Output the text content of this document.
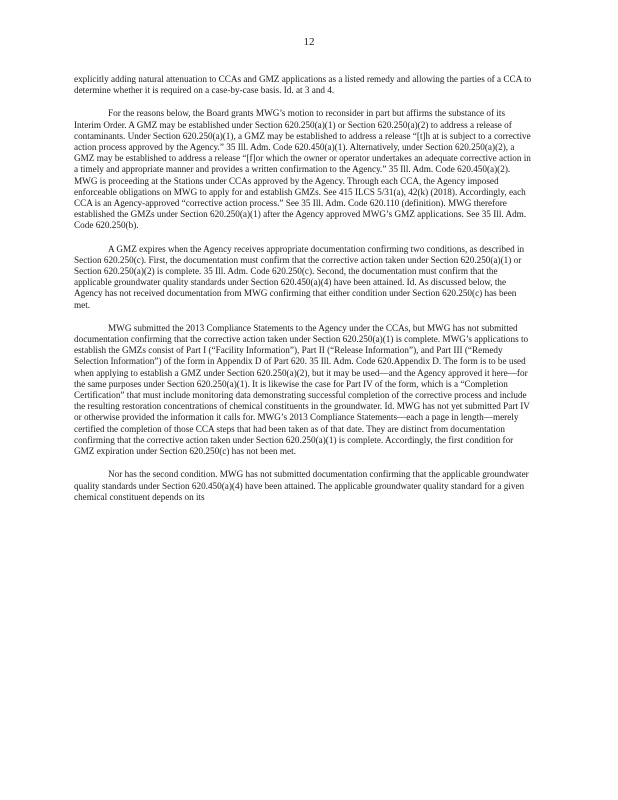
12

explicitly adding natural attenuation to CCAs and GMZ applications as a listed remedy and allowing the parties of a CCA to determine whether it is required on a case-by-case basis. Id. at 3 and 4.

For the reasons below, the Board grants MWG’s motion to reconsider in part but affirms the substance of its Interim Order. A GMZ may be established under Section 620.250(a)(1) or Section 620.250(a)(2) to address a release of contaminants. Under Section 620.250(a)(1), a GMZ may be established to address a release “[t]h at is subject to a corrective action process approved by the Agency.” 35 Ill. Adm. Code 620.450(a)(1). Alternatively, under Section 620.250(a)(2), a GMZ may be established to address a release “[f]or which the owner or operator undertakes an adequate corrective action in a timely and appropriate manner and provides a written confirmation to the Agency.” 35 Ill. Adm. Code 620.450(a)(2). MWG is proceeding at the Stations under CCAs approved by the Agency. Through each CCA, the Agency imposed enforceable obligations on MWG to apply for and establish GMZs. See 415 ILCS 5/31(a), 42(k) (2018). Accordingly, each CCA is an Agency-approved “corrective action process.” See 35 Ill. Adm. Code 620.110 (definition). MWG therefore established the GMZs under Section 620.250(a)(1) after the Agency approved MWG’s GMZ applications. See 35 Ill. Adm. Code 620.250(b).

A GMZ expires when the Agency receives appropriate documentation confirming two conditions, as described in Section 620.250(c). First, the documentation must confirm that the corrective action taken under Section 620.250(a)(1) or Section 620.250(a)(2) is complete. 35 Ill. Adm. Code 620.250(c). Second, the documentation must confirm that the applicable groundwater quality standards under Section 620.450(a)(4) have been attained. Id. As discussed below, the Agency has not received documentation from MWG confirming that either condition under Section 620.250(c) has been met.

MWG submitted the 2013 Compliance Statements to the Agency under the CCAs, but MWG has not submitted documentation confirming that the corrective action taken under Section 620.250(a)(1) is complete. MWG’s applications to establish the GMZs consist of Part I (“Facility Information”), Part II (“Release Information”), and Part III (“Remedy Selection Information”) of the form in Appendix D of Part 620. 35 Ill. Adm. Code 620.Appendix D. The form is to be used when applying to establish a GMZ under Section 620.250(a)(2), but it may be used—and the Agency approved it here—for the same purposes under Section 620.250(a)(1). It is likewise the case for Part IV of the form, which is a “Completion Certification” that must include monitoring data demonstrating successful completion of the corrective process and include the resulting restoration concentrations of chemical constituents in the groundwater. Id. MWG has not yet submitted Part IV or otherwise provided the information it calls for. MWG’s 2013 Compliance Statements—each a page in length—merely certified the completion of those CCA steps that had been taken as of that date. They are distinct from documentation confirming that the corrective action taken under Section 620.250(a)(1) is complete. Accordingly, the first condition for GMZ expiration under Section 620.250(c) has not been met.

Nor has the second condition. MWG has not submitted documentation confirming that the applicable groundwater quality standards under Section 620.450(a)(4) have been attained. The applicable groundwater quality standard for a given chemical constituent depends on its
